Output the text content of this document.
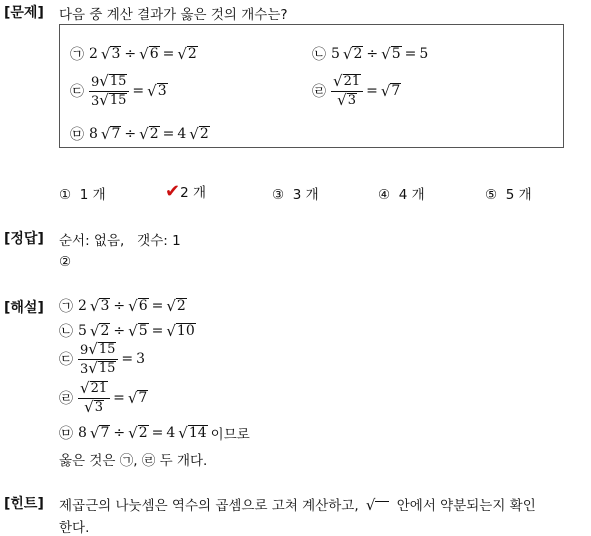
[문제] 다음 중 계산 결과가 옳은 것의 개수는?
㉠ 2 √ 3 ÷ √ 6 = √ 2	㉡ 5 √ 2 ÷ √ 5 = 5
㉢ $\frac{9 √ 15}{3 √ 15}$ = √ 3	㉣ $\frac{√ 21}{√ 3}$ = √ 7
㉤ 8 √ 7 ÷ √ 2 = 4 √ 2
① 1 개	✔2 개	③ 3 개	④ 4 개	⑤ 5 개
[정답] 순서: 없음,   갯수: 1
②
[해설] ㉠ 2 √ 3 ÷ √ 6 = √ 2
㉡ 5 √ 2 ÷ √ 5 = √ 10
㉢ $\frac{9 √ 15}{3 √ 15} = 3$
㉣ $\frac{√ 21}{√ 3}$ = √ 7
㉤ 8 √ 7 ÷ √ 2 = 4 √ 14 이므로
옳은 것은 ㉠, ㉣ 두 개다.
[힌트] 제곱근의 나눗셈은 역수의 곱셈으로 고쳐 계산하고, √ 안에서 약분되는지 확인
한다.
